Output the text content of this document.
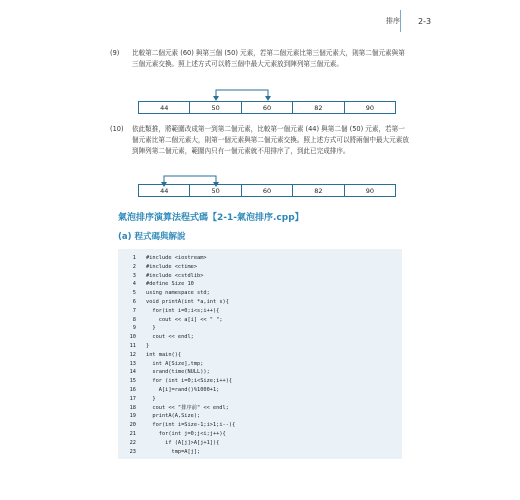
排序 2-3
(9)	比較第二個元素 (60) 與第三個 (50) 元素，若第二個元素比第三個元素大，則第二個元素與第三個元素交換。照上述方式可以將三個中最大元素放到陣列第三個元素。
44	50	60	82	90
(10)	依此類推，將範圍改成第一到第二個元素，比較第一個元素 (44) 與第二個 (50) 元素，若第一個元素比第二個元素大，則第一個元素與第二個元素交換。照上述方式可以將兩個中最大元素放到陣列第二個元素，範圍內只有一個元素就不用排序了，到此已完成排序。
44	50	60	82	90
氣泡排序演算法程式碼【2-1-氣泡排序.cpp】
(a) 程式碼與解說
1 #include <iostream>
2 #include <ctime>
3 #include <cstdlib>
4 #define Size 10
5 using namespace std;
6 void printA(int *a,int s){
7 for(int i=0;i<s;i++){
8 cout << a[i] << " ";
9 }
10 cout << endl;
11 }
12 int main(){
13 int A[Size],tmp;
14 srand(time(NULL));
15 for (int i=0;i<Size;i++){
16 A[i]=rand()%1000+1;
17 }
18 cout << "排序前" << endl;
19 printA(A,Size);
20 for(int i=Size-1;i>1;i--){
21 for(int j=0;j<i;j++){
22 if (A[j]>A[j+1]){
23 tmp=A[j];
